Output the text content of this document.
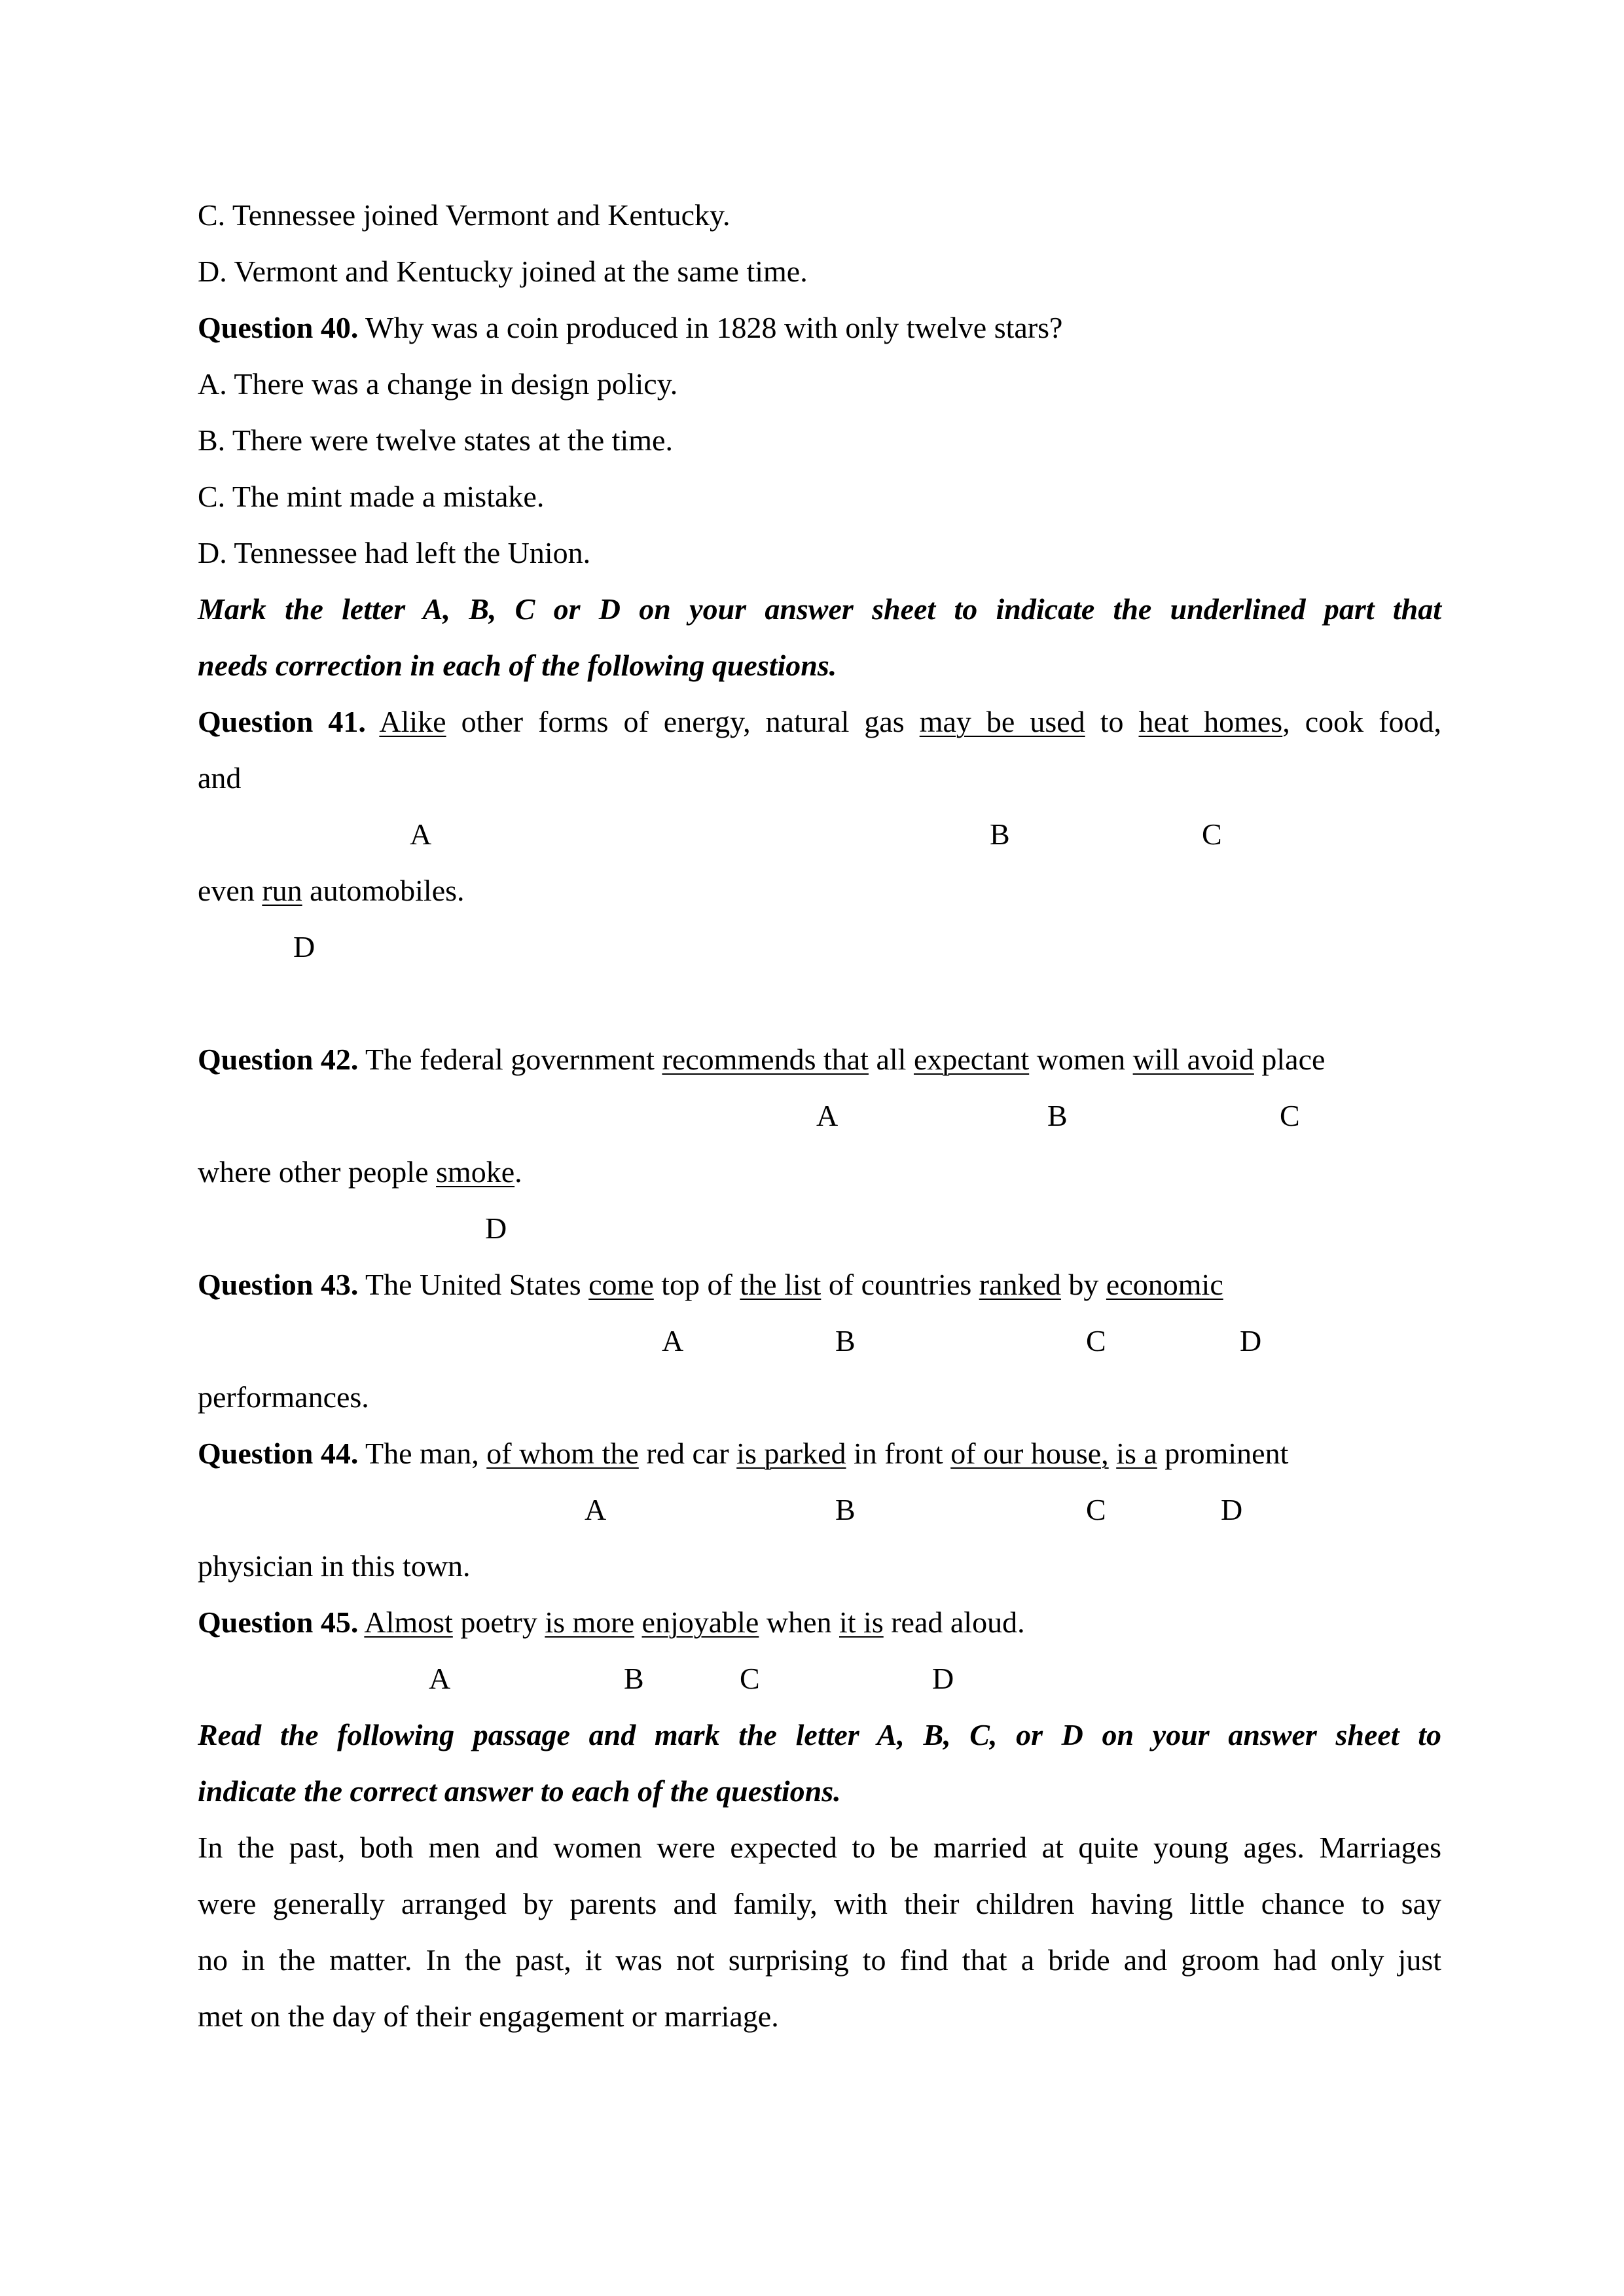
C. Tennessee joined Vermont and Kentucky.
D. Vermont and Kentucky joined at the same time.
Question 40. Why was a coin produced in 1828 with only twelve stars?
A. There was a change in design policy.
B. There were twelve states at the time.
C. The mint made a mistake.
D. Tennessee had left the Union.
Mark the letter A, B, C or D on your answer sheet to indicate the underlined part that
needs correction in each of the following questions.
Question 41. Alike other forms of energy, natural gas may be used to heat homes, cook food,
and
A	B	C
even run automobiles.
D
Question 42. The federal government recommends that all expectant women will avoid place
A	B	C
where other people smoke.
D
Question 43. The United States come top of the list of countries ranked by economic
A	B	C	D
performances.
Question 44. The man, of whom the red car is parked in front of our house, is a prominent
A	B	C	D
physician in this town.
Question 45. Almost poetry is more enjoyable when it is read aloud.
A	B	C	D
Read the following passage and mark the letter A, B, C, or D on your answer sheet to
indicate the correct answer to each of the questions.
In the past, both men and women were expected to be married at quite young ages. Marriages
were generally arranged by parents and family, with their children having little chance to say
no in the matter. In the past, it was not surprising to find that a bride and groom had only just
met on the day of their engagement or marriage.
